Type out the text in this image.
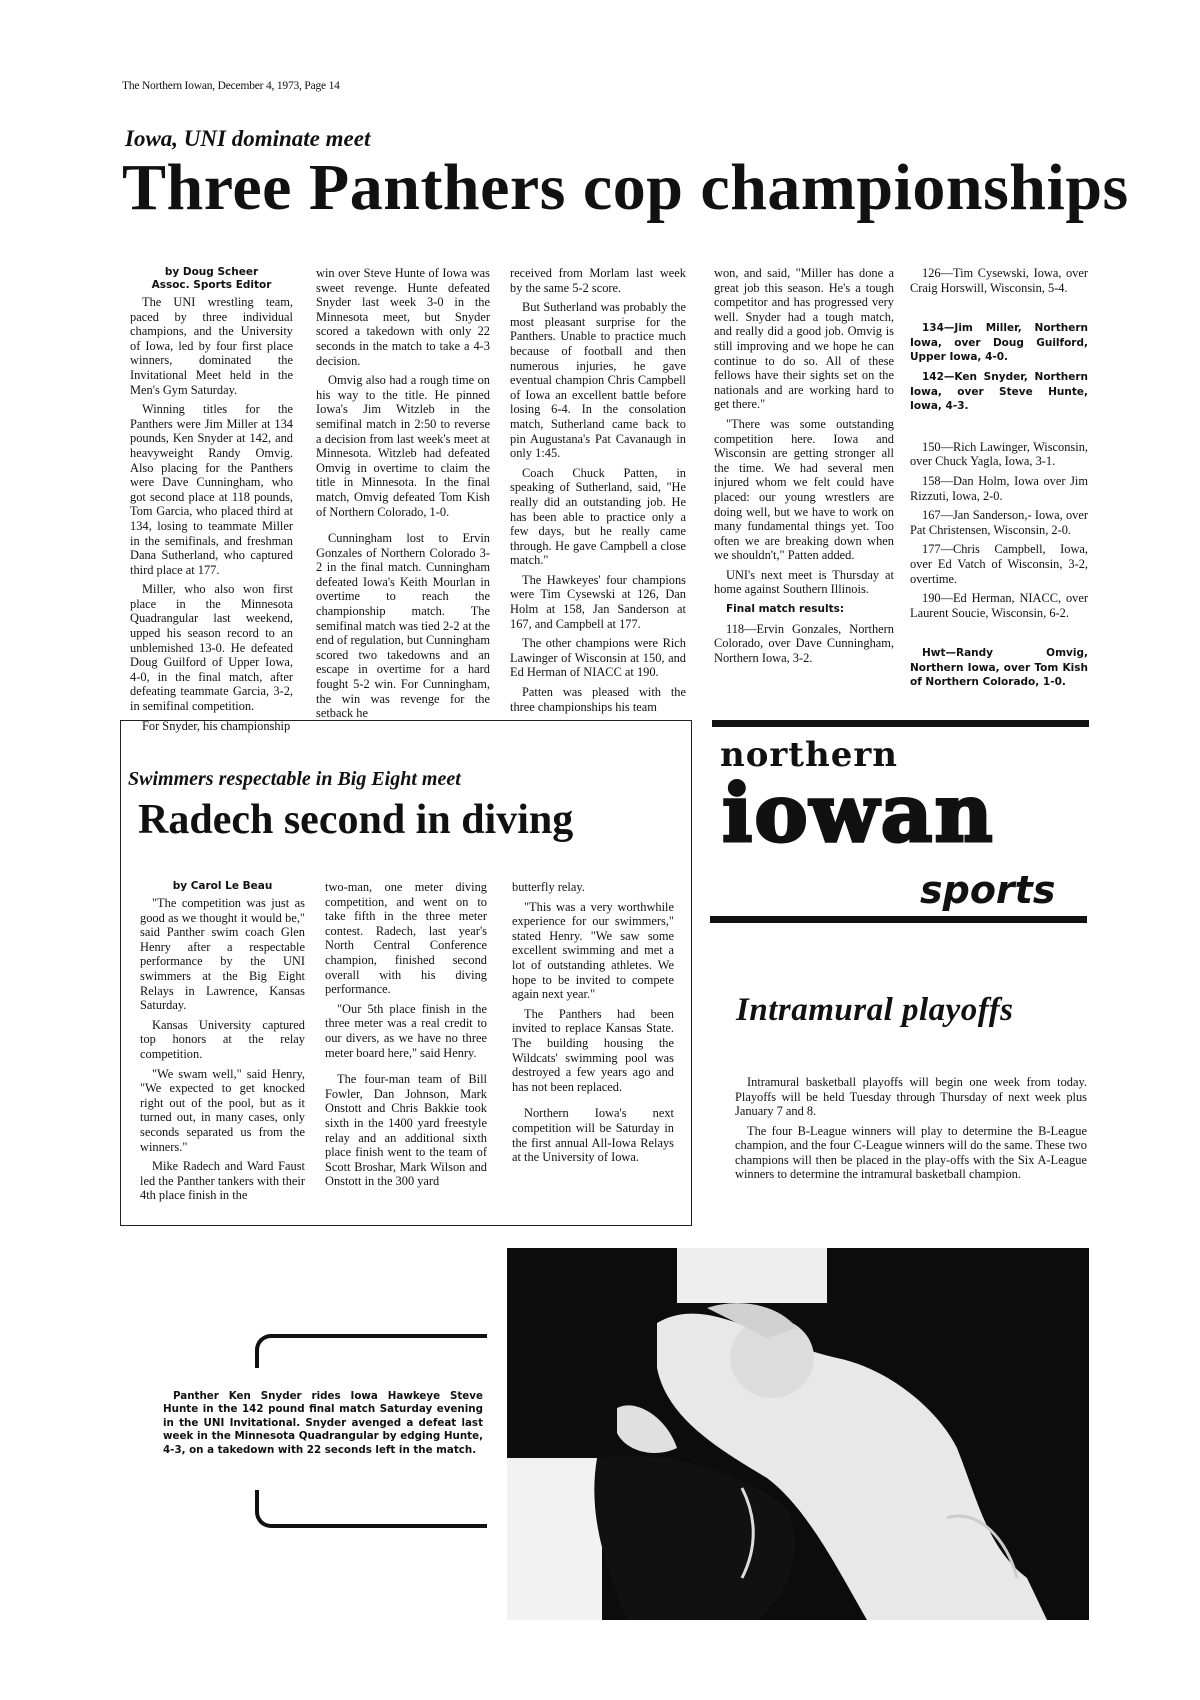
The Northern Iowan, December 4, 1973, Page 14
Iowa, UNI dominate meet
Three Panthers cop championships
by Doug Scheer
Assoc. Sports Editor

The UNI wrestling team, paced by three individual champions, and the University of Iowa, led by four first place winners, dominated the Invitational Meet held in the Men's Gym Saturday.

Winning titles for the Panthers were Jim Miller at 134 pounds, Ken Snyder at 142, and heavyweight Randy Omvig. Also placing for the Panthers were Dave Cunningham, who got second place at 118 pounds, Tom Garcia, who placed third at 134, losing to teammate Miller in the semifinals, and freshman Dana Sutherland, who captured third place at 177.

Miller, who also won first place in the Minnesota Quadrangular last weekend, upped his season record to an unblemished 13-0. He defeated Doug Guilford of Upper Iowa, 4-0, in the final match, after defeating teammate Garcia, 3-2, in semifinal competition.

For Snyder, his championship

win over Steve Hunte of Iowa was sweet revenge. Hunte defeated Snyder last week 3-0 in the Minnesota meet, but Snyder scored a takedown with only 22 seconds in the match to take a 4-3 decision.

Omvig also had a rough time on his way to the title. He pinned Iowa's Jim Witzleb in the semifinal match in 2:50 to reverse a decision from last week's meet at Minnesota. Witzleb had defeated Omvig in overtime to claim the title in Minnesota. In the final match, Omvig defeated Tom Kish of Northern Colorado, 1-0.

Cunningham lost to Ervin Gonzales of Northern Colorado 3-2 in the final match. Cunningham defeated Iowa's Keith Mourlan in overtime to reach the championship match. The semifinal match was tied 2-2 at the end of regulation, but Cunningham scored two takedowns and an escape in overtime for a hard fought 5-2 win. For Cunningham, the win was revenge for the setback he

received from Morlam last week by the same 5-2 score.

But Sutherland was probably the most pleasant surprise for the Panthers. Unable to practice much because of football and then numerous injuries, he gave eventual champion Chris Campbell of Iowa an excellent battle before losing 6-4. In the consolation match, Sutherland came back to pin Augustana's Pat Cavanaugh in only 1:45.

Coach Chuck Patten, in speaking of Sutherland, said, "He really did an outstanding job. He has been able to practice only a few days, but he really came through. He gave Campbell a close match."

The Hawkeyes' four champions were Tim Cysewski at 126, Dan Holm at 158, Jan Sanderson at 167, and Campbell at 177.

The other champions were Rich Lawinger of Wisconsin at 150, and Ed Herman of NIACC at 190.

Patten was pleased with the three championships his team

won, and said, "Miller has done a great job this season. He's a tough competitor and has progressed very well. Snyder had a tough match, and really did a good job. Omvig is still improving and we hope he can continue to do so. All of these fellows have their sights set on the nationals and are working hard to get there."

"There was some outstanding competition here. Iowa and Wisconsin are getting stronger all the time. We had several men injured whom we felt could have placed: our young wrestlers are doing well, but we have to work on many fundamental things yet. Too often we are breaking down when we shouldn't," Patten added.

UNI's next meet is Thursday at home against Southern Illinois.

Final match results:

118—Ervin Gonzales, Northern Colorado, over Dave Cunningham, Northern Iowa, 3-2.

126—Tim Cysewski, Iowa, over Craig Horswill, Wisconsin, 5-4.

134—Jim Miller, Northern Iowa, over Doug Guilford, Upper Iowa, 4-0.

142—Ken Snyder, Northern Iowa, over Steve Hunte, Iowa, 4-3.

150—Rich Lawinger, Wisconsin, over Chuck Yagla, Iowa, 3-1.

158—Dan Holm, Iowa over Jim Rizzuti, Iowa, 2-0.

167—Jan Sanderson,- Iowa, over Pat Christensen, Wisconsin, 2-0.

177—Chris Campbell, Iowa, over Ed Vatch of Wisconsin, 3-2, overtime.

190—Ed Herman, NIACC, over Laurent Soucie, Wisconsin, 6-2.

Hwt—Randy Omvig, Northern Iowa, over Tom Kish of Northern Colorado, 1-0.

Swimmers respectable in Big Eight meet
Radech second in diving
by Carol Le Beau

"The competition was just as good as we thought it would be," said Panther swim coach Glen Henry after a respectable performance by the UNI swimmers at the Big Eight Relays in Lawrence, Kansas Saturday.

Kansas University captured top honors at the relay competition.

"We swam well," said Henry, "We expected to get knocked right out of the pool, but as it turned out, in many cases, only seconds separated us from the winners."

Mike Radech and Ward Faust led the Panther tankers with their 4th place finish in the

two-man, one meter diving competition, and went on to take fifth in the three meter contest. Radech, last year's North Central Conference champion, finished second overall with his diving performance.

"Our 5th place finish in the three meter was a real credit to our divers, as we have no three meter board here," said Henry.

The four-man team of Bill Fowler, Dan Johnson, Mark Onstott and Chris Bakkie took sixth in the 1400 yard freestyle relay and an additional sixth place finish went to the team of Scott Broshar, Mark Wilson and Onstott in the 300 yard

butterfly relay.

"This was a very worthwhile experience for our swimmers," stated Henry. "We saw some excellent swimming and met a lot of outstanding athletes. We hope to be invited to compete again next year."

The Panthers had been invited to replace Kansas State. The building housing the Wildcats' swimming pool was destroyed a few years ago and has not been replaced.

Northern Iowa's next competition will be Saturday in the first annual All-Iowa Relays at the University of Iowa.

northern
iowan
sports
Intramural playoffs

Intramural basketball playoffs will begin one week from today. Playoffs will be held Tuesday through Thursday of next week plus January 7 and 8.

The four B-League winners will play to determine the B-League champion, and the four C-League winners will do the same. These two champions will then be placed in the play-offs with the Six A-League winners to determine the intramural basketball champion.

Panther Ken Snyder rides Iowa Hawkeye Steve Hunte in the 142 pound final match Saturday evening in the UNI Invitational. Snyder avenged a defeat last week in the Minnesota Quadrangular by edging Hunte, 4-3, on a takedown with 22 seconds left in the match.
